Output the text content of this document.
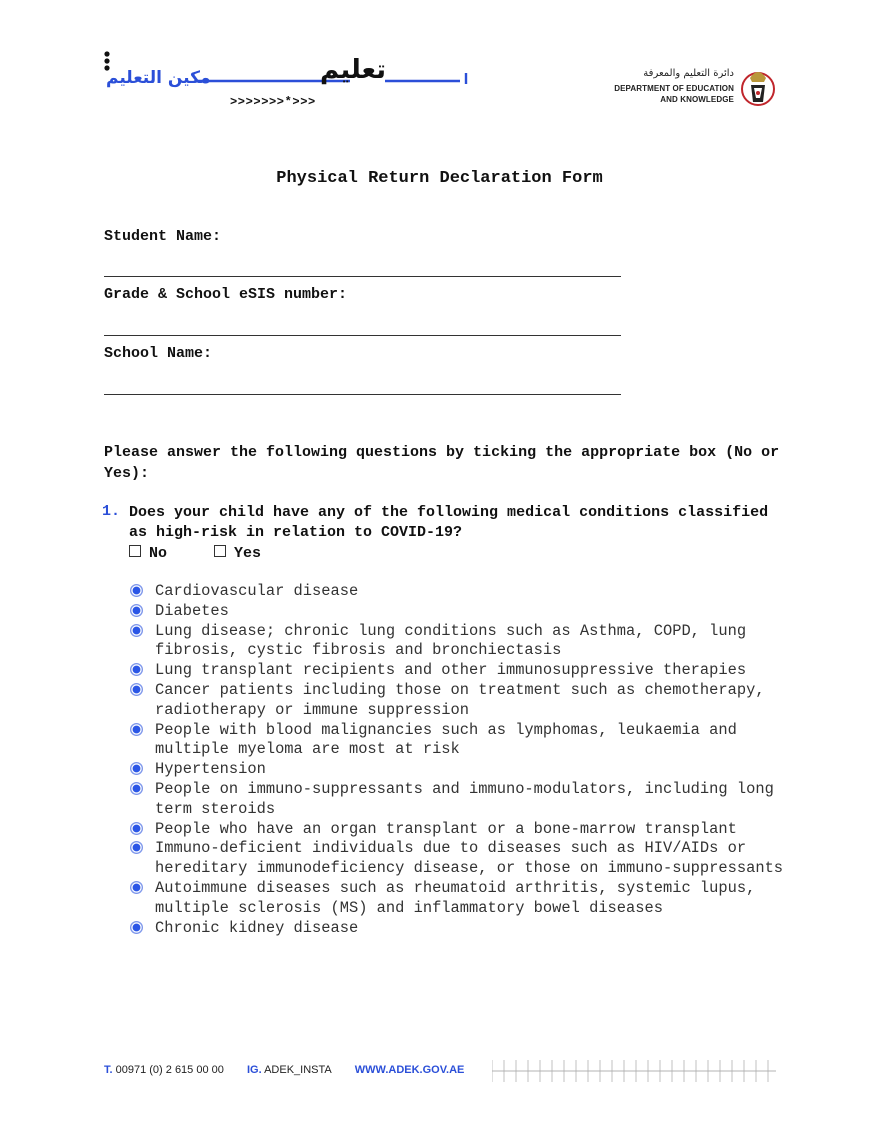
مكين التعليم	تعليم
>>>>>>>*>>>
دائرة التعليم والمعرفة
DEPARTMENT OF EDUCATION
AND KNOWLEDGE
Physical Return Declaration Form
Student Name:
Grade & School eSIS number:
School Name:
Please answer the following questions by ticking the appropriate box (No or Yes):
1. Does your child have any of the following medical conditions classified as high-risk in relation to COVID-19?
No	Yes
Cardiovascular disease
Diabetes
Lung disease; chronic lung conditions such as Asthma, COPD, lung fibrosis, cystic fibrosis and bronchiectasis
Lung transplant recipients and other immunosuppressive therapies
Cancer patients including those on treatment such as chemotherapy, radiotherapy or immune suppression
People with blood malignancies such as lymphomas, leukaemia and multiple myeloma are most at risk
Hypertension
People on immuno-suppressants and immuno-modulators, including long term steroids
People who have an organ transplant or a bone-marrow transplant
Immuno-deficient individuals due to diseases such as HIV/AIDs or hereditary immunodeficiency disease, or those on immuno-suppressants
Autoimmune diseases such as rheumatoid arthritis, systemic lupus, multiple sclerosis (MS) and inflammatory bowel diseases
Chronic kidney disease
T. 00971 (0) 2 615 00 00 IG. ADEK_INSTA WWW.ADEK.GOV.AE
